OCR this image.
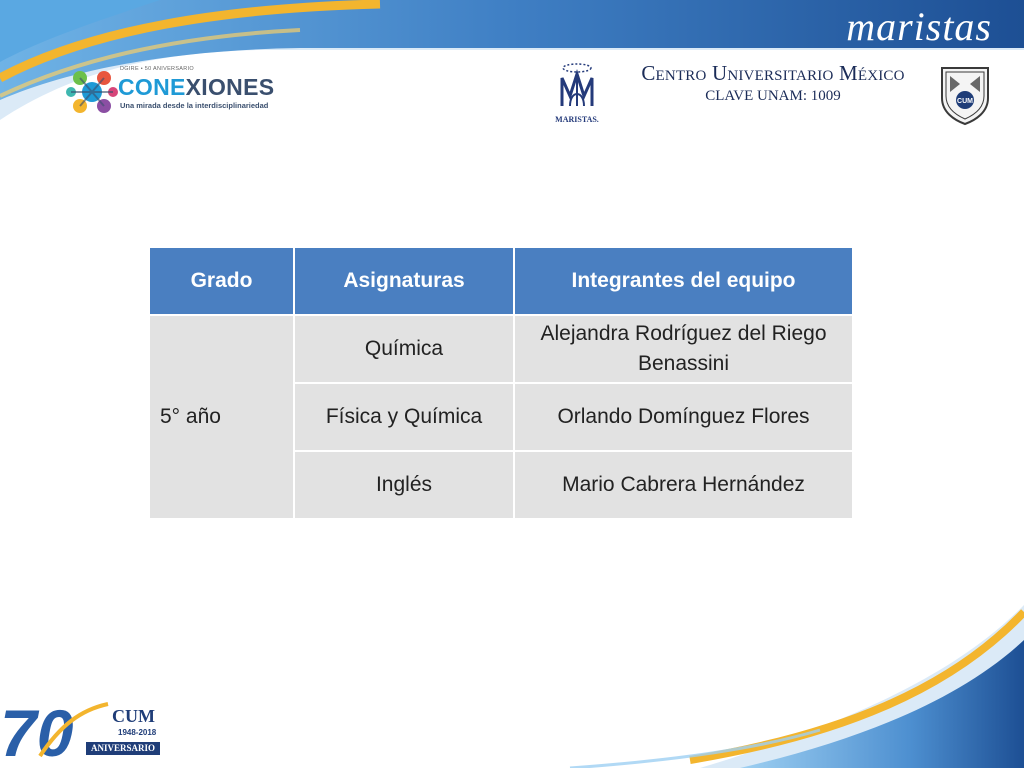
DGIRE • 50 ANIVERSARIO
CONEXIONES
Una mirada desde la interdisciplinariedad
maristas
MARISTAS.
Centro Universitario México
CLAVE UNAM: 1009	CUM
Grado	Asignaturas	Integrantes del equipo
5° año	Química	Alejandra Rodríguez del Riego Benassini
	Física y Química	Orlando Domínguez Flores
	Inglés	Mario Cabrera Hernández
70 CUM
1948-2018
ANIVERSARIO
